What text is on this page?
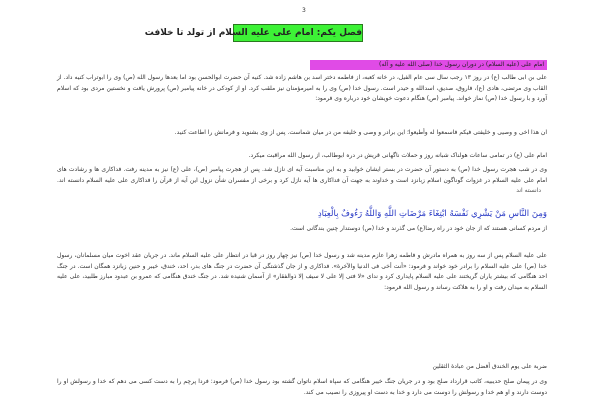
3
فصل یکم: امام علی علیه السلام از تولد تا خلافت
امام علی (علیه السلام) در دوران رسول خدا (صلی الله علیه و آله)
علی بن ابی طالب (ع) در روز ۱۳ رجب سال سی عام الفیل، در خانه کعبه، از فاطمه دختر اسد بن هاشم زاده شد. کنیه آن حضرت ابوالحسن بود اما بعدها رسول الله (ص) وی را ابوتراب کنیه داد. از القاب وی مرتضی، هادی (ع)، فاروق، صدیق، اسدالله و حیدر است. رسول خدا (ص) وی را به امیرمؤمنان نیز ملقب کرد. او از کودکی در خانه پیامبر (ص) پرورش یافت و نخستین مردی بود که اسلام آورد و با رسول خدا (ص) نماز خواند. پیامبر (ص) هنگام دعوت خویشان خود درباره وی فرمود:
ان هذا اخی و وصیی و خلیفتی فیکم فاسمعوا له وأطیعوا؛ این برادر و وصی و خلیفه من در میان شماست. پس از وی بشنوید و فرمانش را اطاعت کنید.
امام علی (ع) در تمامی ساعات هولناک شبانه روز و حملات ناگهانی قریش در دره ابوطالب، از رسول الله مراقبت میکرد.
وی در شب هجرت رسول خدا (ص) به دستور آن حضرت در بستر ایشان خوابید و به این مناسبت آیه ای نازل شد. پس از هجرت پیامبر (ص)، علی (ع) نیز به مدینه رفت. فداکاری ها و رشادت های امام علی علیه السلام در غزوات گوناگون اسلام زبانزد است و خداوند به جهت آن فداکاری ها آیه نازل کرد و برخی از مفسران شأن نزول این آیه از قرآن را فداکاری علی علیه السلام دانسته اند. دانسته اند
وَمِنَ النَّاسِ مَنْ يَشْرِي نَفْسَهُ ابْتِغَاءَ مَرْضَاتِ اللَّهِ وَاللَّهُ رَءُوفٌ بِالْعِبَادِ
از مردم کسانی هستند که از جان خود در راه رضا(ع) می گذرند و خدا (ص) دوستدار چنین بندگانی است.
علی علیه السلام پس از سه روز به همراه مادرش و فاطمه زهرا عازم مدینه شد و رسول خدا (ص) نیز چهار روز در قبا در انتظار علی علیه السلام ماند. در جریان عقد اخوت میان مسلمانان، رسول خدا (ص) علی علیه السلام را برادر خود خواند و فرمود: «أنت أخی فی الدنیا والآخرة». فداکاری و از جان گذشتگی آن حضرت در جنگ های بدر، احد، خندق، خیبر و حنین زبانزد همگان است. در جنگ احد هنگامی که بیشتر یاران گریختند علی علیه السلام پایداری کرد و ندای «لا فتی إلا علی لا سیف إلا ذوالفقار» از آسمان شنیده شد. در جنگ خندق هنگامی که عمرو بن عبدود مبارز طلبید، علی علیه السلام به میدان رفت و او را به هلاکت رساند و رسول الله فرمود:
ضربة علی یوم الخندق أفضل من عبادة الثقلین
وی در پیمان صلح حدیبیه، کاتب قرارداد صلح بود و در جریان جنگ خیبر هنگامی که سپاه اسلام ناتوان گشته بود رسول خدا (ص) فرمود: فردا پرچم را به دست کسی می دهم که خدا و رسولش او را دوست دارند و او هم خدا و رسولش را دوست می دارد و خدا به دست او پیروزی را نصیب می کند.
